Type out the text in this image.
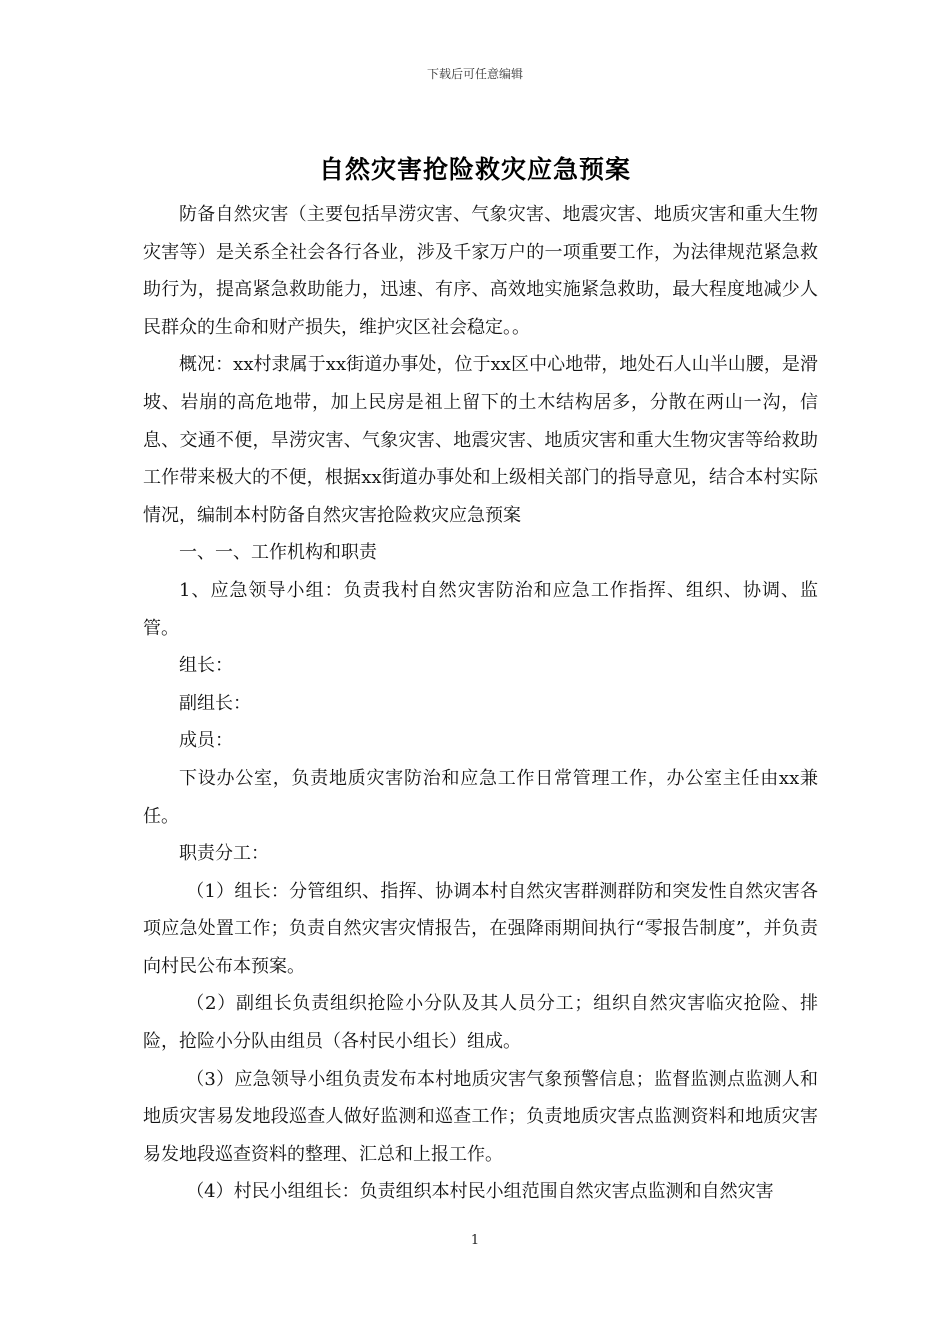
下载后可任意编辑
自然灾害抢险救灾应急预案

防备自然灾害（主要包括旱涝灾害、气象灾害、地震灾害、地质灾害和重大生物灾害等）是关系全社会各行各业，涉及千家万户的一项重要工作，为法律规范紧急救助行为，提高紧急救助能力，迅速、有序、高效地实施紧急救助，最大程度地减少人民群众的生命和财产损失，维护灾区社会稳定。。

概况：xx村隶属于xx街道办事处，位于xx区中心地带，地处石人山半山腰，是滑坡、岩崩的高危地带，加上民房是祖上留下的土木结构居多，分散在两山一沟，信息、交通不便，旱涝灾害、气象灾害、地震灾害、地质灾害和重大生物灾害等给救助工作带来极大的不便，根据xx街道办事处和上级相关部门的指导意见，结合本村实际情况，编制本村防备自然灾害抢险救灾应急预案

一、一、工作机构和职责

1、应急领导小组：负责我村自然灾害防治和应急工作指挥、组织、协调、监管。

组长：

副组长：

成员：

下设办公室，负责地质灾害防治和应急工作日常管理工作，办公室主任由xx兼任。

职责分工：

（1）组长：分管组织、指挥、协调本村自然灾害群测群防和突发性自然灾害各项应急处置工作；负责自然灾害灾情报告，在强降雨期间执行“零报告制度”，并负责向村民公布本预案。

（2）副组长负责组织抢险小分队及其人员分工；组织自然灾害临灾抢险、排险，抢险小分队由组员（各村民小组长）组成。

（3）应急领导小组负责发布本村地质灾害气象预警信息；监督监测点监测人和地质灾害易发地段巡查人做好监测和巡查工作；负责地质灾害点监测资料和地质灾害易发地段巡查资料的整理、汇总和上报工作。

（4）村民小组组长：负责组织本村民小组范围自然灾害点监测和自然灾害

1
